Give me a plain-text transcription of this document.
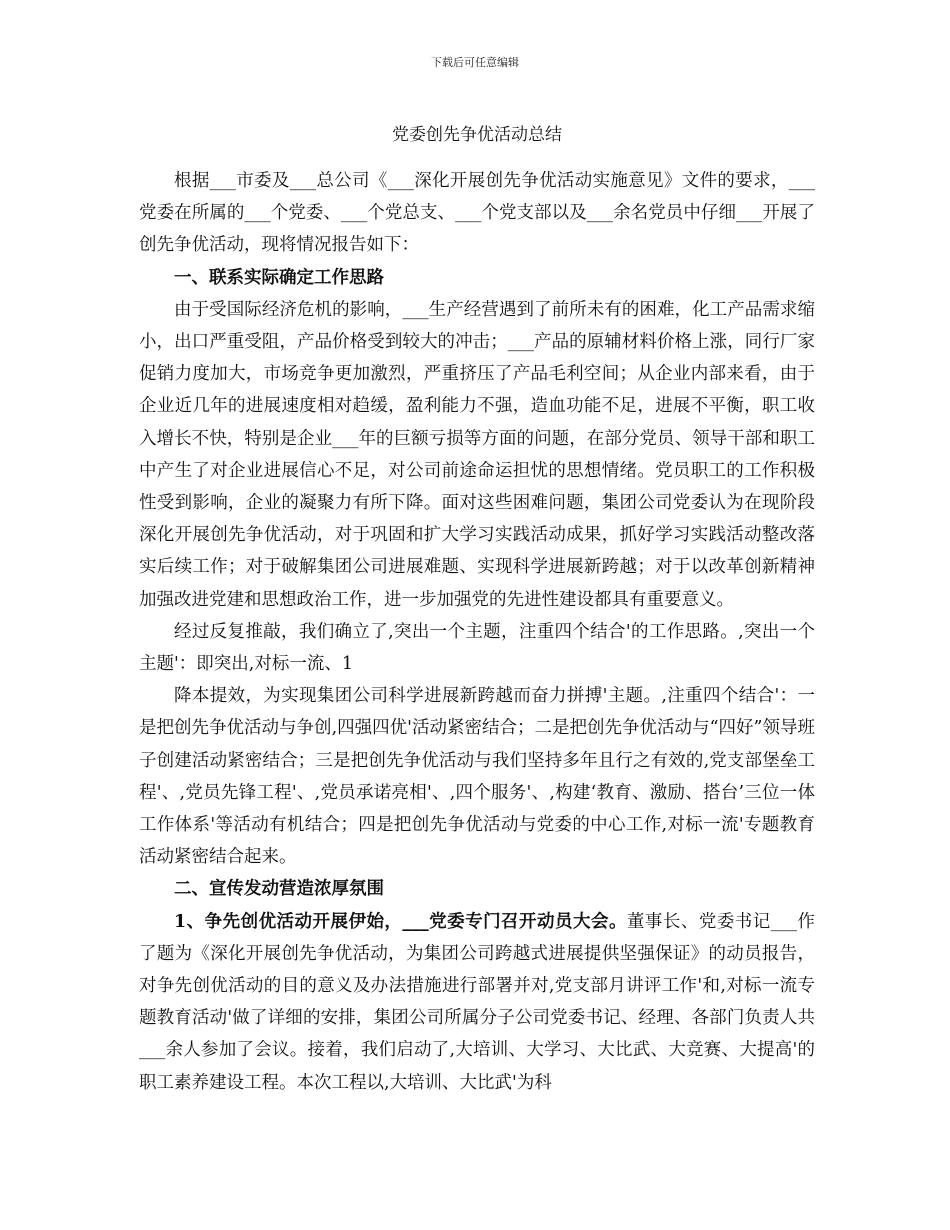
下载后可任意编辑
党委创先争优活动总结

根据___市委及___总公司《___深化开展创先争优活动实施意见》文件的要求，___党委在所属的___个党委、___个党总支、___个党支部以及___余名党员中仔细___开展了创先争优活动，现将情况报告如下：

一、联系实际确定工作思路

由于受国际经济危机的影响，___生产经营遇到了前所未有的困难，化工产品需求缩小，出口严重受阻，产品价格受到较大的冲击；___产品的原辅材料价格上涨，同行厂家促销力度加大，市场竞争更加激烈，严重挤压了产品毛利空间；从企业内部来看，由于企业近几年的进展速度相对趋缓，盈利能力不强，造血功能不足，进展不平衡，职工收入增长不快，特别是企业___年的巨额亏损等方面的问题，在部分党员、领导干部和职工中产生了对企业进展信心不足，对公司前途命运担忧的思想情绪。党员职工的工作积极性受到影响，企业的凝聚力有所下降。面对这些困难问题，集团公司党委认为在现阶段深化开展创先争优活动，对于巩固和扩大学习实践活动成果，抓好学习实践活动整改落实后续工作；对于破解集团公司进展难题、实现科学进展新跨越；对于以改革创新精神加强改进党建和思想政治工作，进一步加强党的先进性建设都具有重要意义。

经过反复推敲，我们确立了,突出一个主题，注重四个结合'的工作思路。,突出一个主题'：即突出,对标一流、1

降本提效，为实现集团公司科学进展新跨越而奋力拼搏'主题。,注重四个结合'：一是把创先争优活动与争创,四强四优'活动紧密结合；二是把创先争优活动与“四好”领导班子创建活动紧密结合；三是把创先争优活动与我们坚持多年且行之有效的,党支部堡垒工程'、,党员先锋工程'、,党员承诺亮相'、,四个服务'、,构建‘教育、激励、搭台’三位一体工作体系'等活动有机结合；四是把创先争优活动与党委的中心工作,对标一流'专题教育活动紧密结合起来。

二、宣传发动营造浓厚氛围

1、争先创优活动开展伊始，___党委专门召开动员大会。董事长、党委书记___作了题为《深化开展创先争优活动，为集团公司跨越式进展提供坚强保证》的动员报告，对争先创优活动的目的意义及办法措施进行部署并对,党支部月讲评工作'和,对标一流专题教育活动'做了详细的安排，集团公司所属分子公司党委书记、经理、各部门负责人共___余人参加了会议。接着，我们启动了,大培训、大学习、大比武、大竞赛、大提高'的职工素养建设工程。本次工程以,大培训、大比武'为科
